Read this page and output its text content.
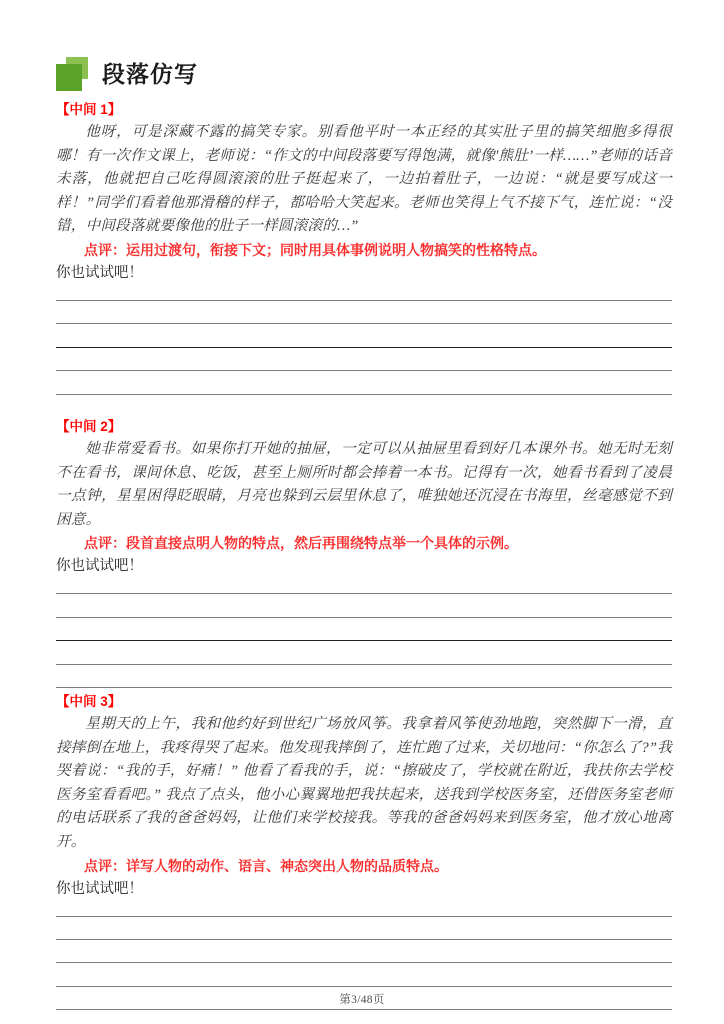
段落仿写
【中间 1】

他呀，可是深藏不露的搞笑专家。别看他平时一本正经的其实肚子里的搞笑细胞多得很哪！有一次作文课上，老师说：“作文的中间段落要写得饱满，就像'熊肚’一样……”老师的话音未落，他就把自己吃得圆滚滚的肚子挺起来了，一边拍着肚子，一边说：“就是要写成这一样！”同学们看着他那滑稽的样子，都哈哈大笑起来。老师也笑得上气不接下气，连忙说：“没错，中间段落就要像他的肚子一样圆滚滚的…”

点评：运用过渡句，衔接下文；同时用具体事例说明人物搞笑的性格特点。

你也试试吧！

【中间 2】

她非常爱看书。如果你打开她的抽屉，一定可以从抽屉里看到好几本课外书。她无时无刻不在看书，课间休息、吃饭，甚至上厕所时都会捧着一本书。记得有一次，她看书看到了凌晨一点钟，星星困得眨眼睛，月亮也躲到云层里休息了，唯独她还沉浸在书海里，丝毫感觉不到困意。

点评：段首直接点明人物的特点，然后再围绕特点举一个具体的示例。

你也试试吧！

【中间 3】

星期天的上午，我和他约好到世纪广场放风筝。我拿着风筝使劲地跑，突然脚下一滑，直接摔倒在地上，我疼得哭了起来。他发现我摔倒了，连忙跑了过来，关切地问：“你怎么了?”我哭着说：“我的手，好痛！” 他看了看我的手，说：“擦破皮了，学校就在附近，我扶你去学校医务室看看吧。” 我点了点头，他小心翼翼地把我扶起来，送我到学校医务室，还借医务室老师的电话联系了我的爸爸妈妈，让他们来学校接我。等我的爸爸妈妈来到医务室，他才放心地离开。

点评：详写人物的动作、语言、神态突出人物的品质特点。

你也试试吧！

第3/48页
